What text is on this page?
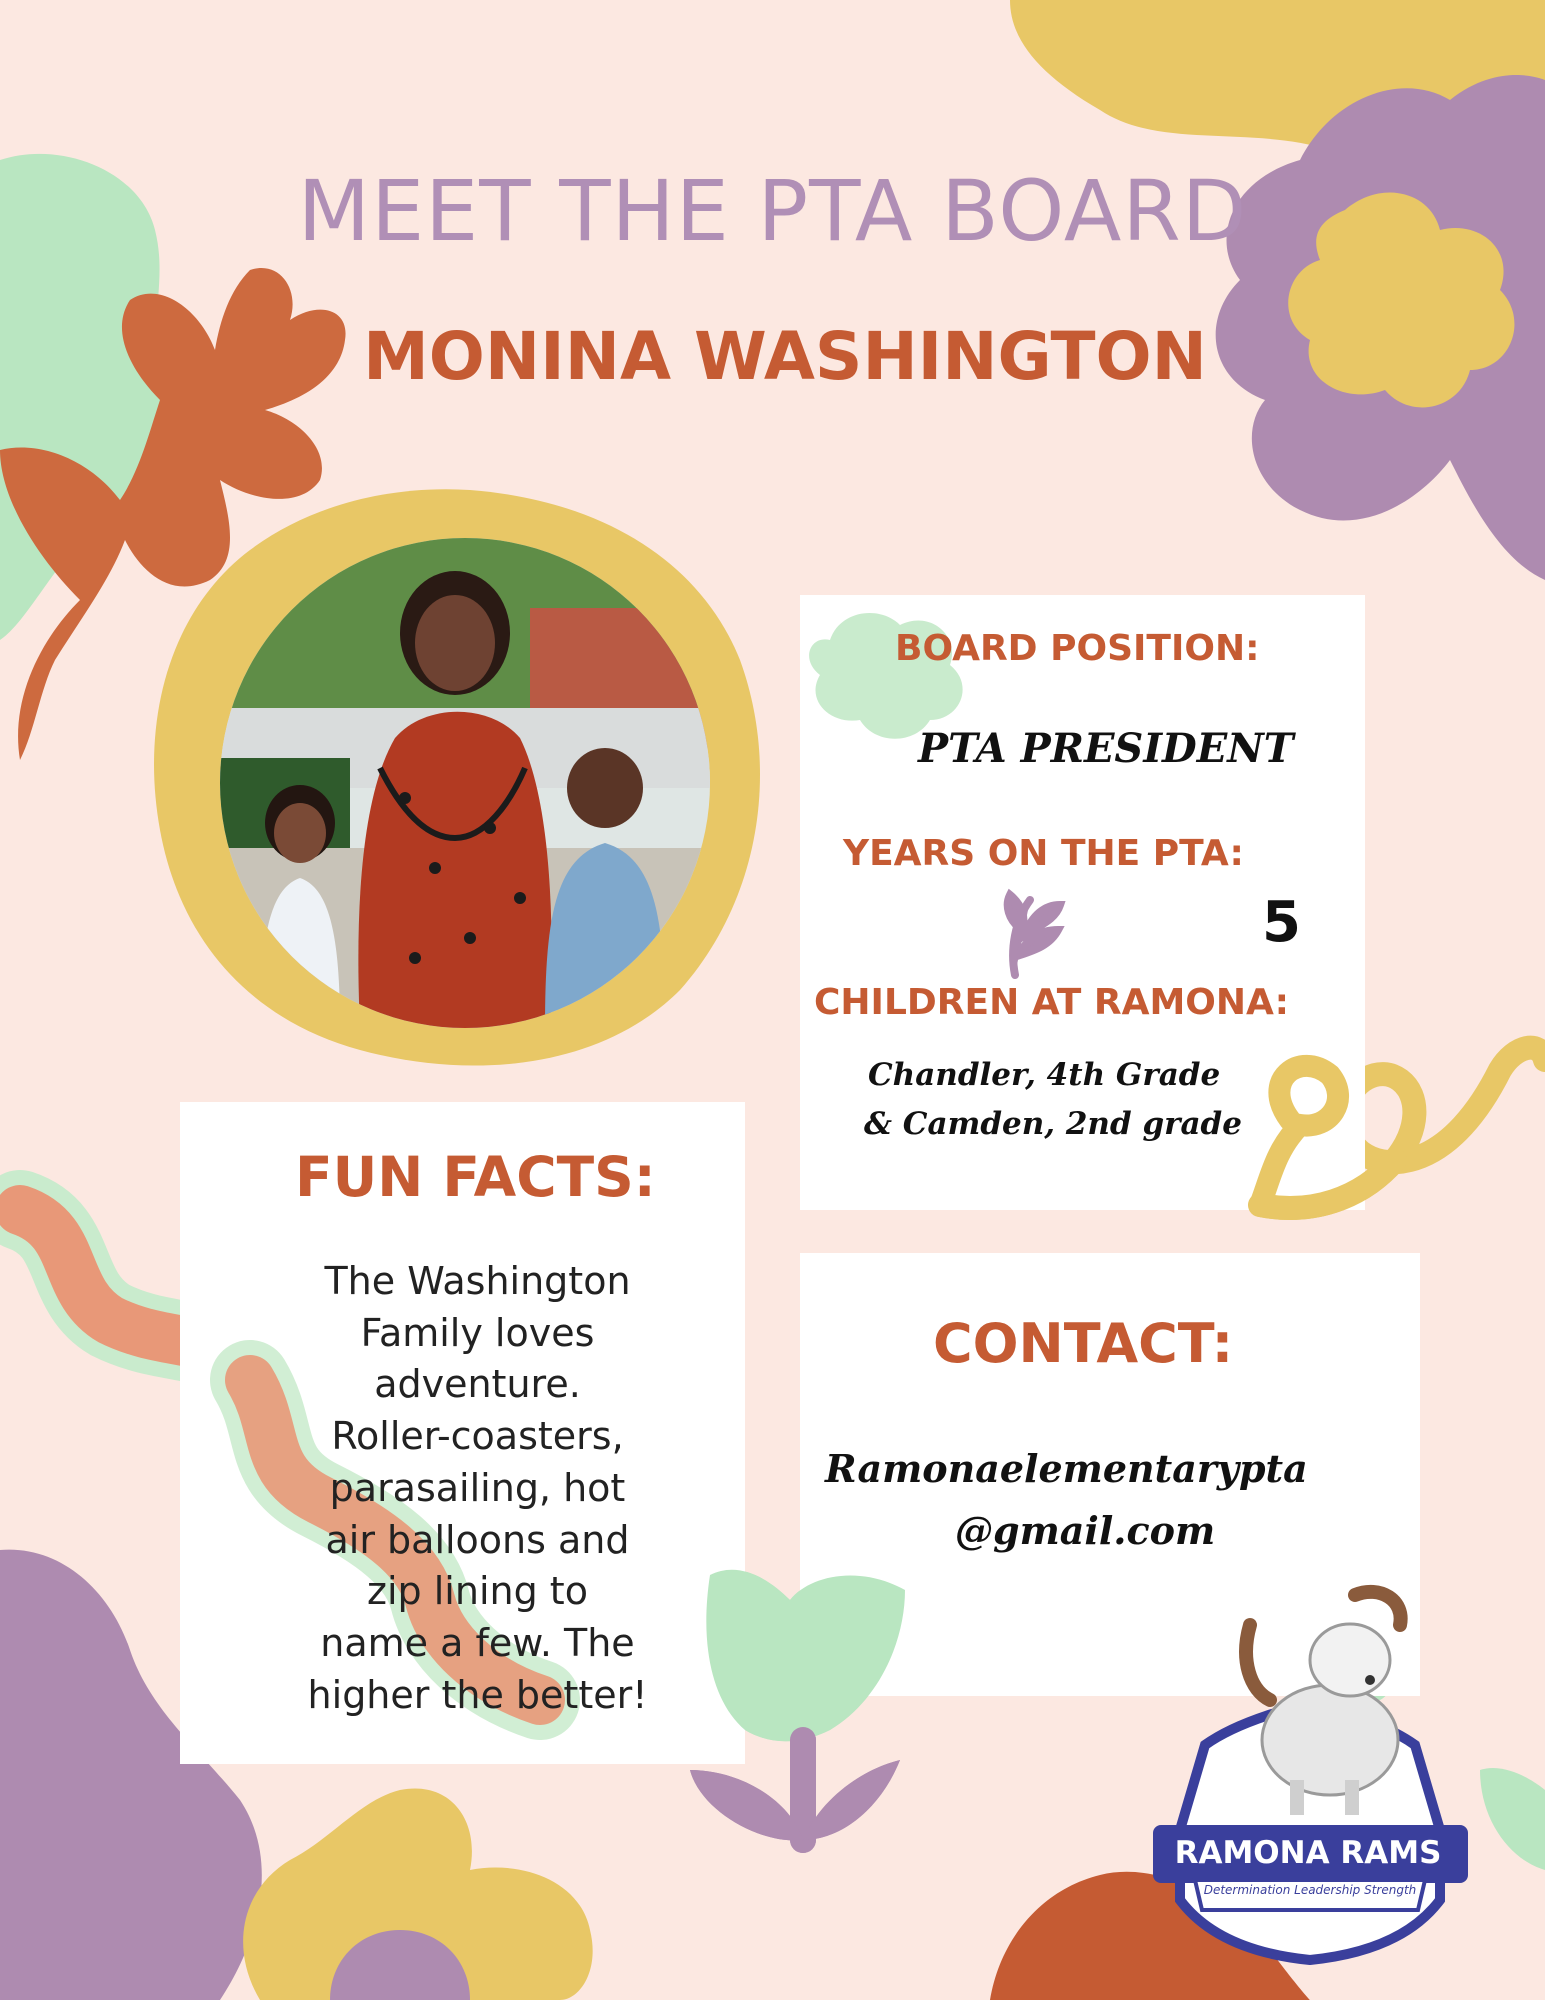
MEET THE PTA BOARD
MONINA WASHINGTON
BOARD POSITION:
PTA PRESIDENT
YEARS ON THE PTA:
5
CHILDREN AT RAMONA:
Chandler, 4th Grade
& Camden, 2nd grade
FUN FACTS:
The Washington
Family loves
adventure.
Roller-coasters,
parasailing, hot
air balloons and
zip lining to
name a few. The
higher the better!
CONTACT:
Ramonaelementarypta
@gmail.com
RAMONA RAMS
Determination Leadership Strength
